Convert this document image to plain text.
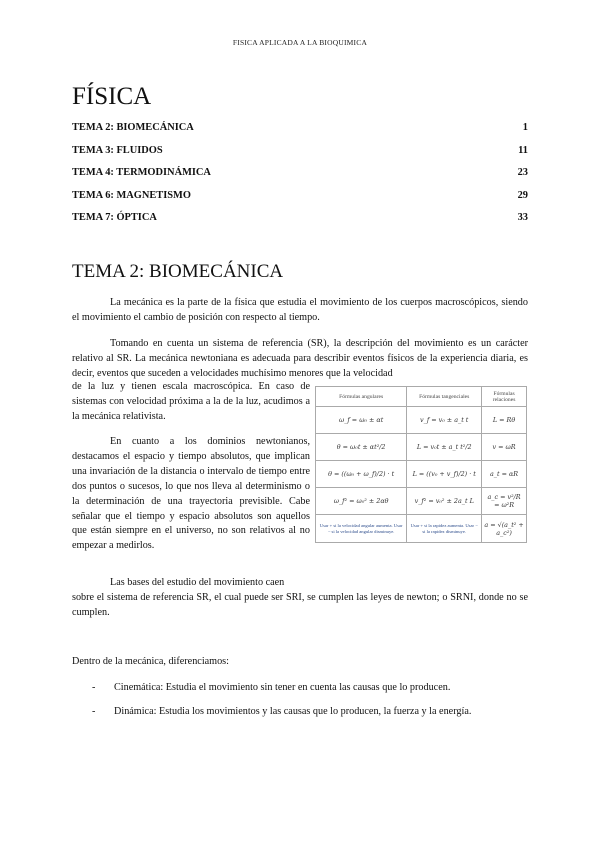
FISICA APLICADA A LA BIOQUIMICA
FÍSICA
TEMA 2: BIOMECÁNICA	1
TEMA 3: FLUIDOS	11
TEMA 4: TERMODINÁMICA	23
TEMA 6: MAGNETISMO	29
TEMA 7: ÓPTICA	33
TEMA 2: BIOMECÁNICA

La mecánica es la parte de la física que estudia el movimiento de los cuerpos macroscópicos, siendo el movimiento el cambio de posición con respecto al tiempo.

Tomando en cuenta un sistema de referencia (SR), la descripción del movimiento es un carácter relativo al SR. La mecánica newtoniana es adecuada para describir eventos físicos de la experiencia diaria, es decir, eventos que suceden a velocidades muchísimo menores que la velocidad

de la luz y tienen escala macroscópica. En caso de sistemas con velocidad próxima a la de la luz, acudimos a la mecánica relativista.

En cuanto a los dominios newtonianos, destacamos el espacio y tiempo absolutos, que implican una invariación de la distancia o intervalo de tiempo entre dos puntos o sucesos, lo que nos lleva al determinismo o la determinación de una trayectoria previsible. Cabe señalar que el tiempo y espacio absolutos son aquellos que están siempre en el universo, no son relativos al no empezar a medirlos.

Las bases del estudio del movimiento caen

sobre el sistema de referencia SR, el cual puede ser SRI, se cumplen las leyes de newton; o SRNI, donde no se cumplen.

Fórmulas angulares	Fórmulas tangenciales	Fórmulas relaciones
ω_f = ω₀ ± αt	v_f = v₀ ± a_t t	L = Rθ
θ = ω₀t ± αt²/2	L = v₀t ± a_t t²/2	v = ωR
θ = ((ω₀ + ω_f)/2) · t	L = ((v₀ + v_f)/2) · t	a_t = αR
ω_f² = ω₀² ± 2αθ	v_f² = v₀² ± 2a_t L	a_c = v²/R = ω²R
Usar + si la velocidad angular aumenta. Usar − si la velocidad angular disminuye.	Usar + si la rapidez aumenta. Usar − si la rapidez disminuye.	a = √(a_t² + a_c²)

Dentro de la mecánica, diferenciamos:

-	Cinemática: Estudia el movimiento sin tener en cuenta las causas que lo producen.
-	Dinámica: Estudia los movimientos y las causas que lo producen, la fuerza y la energía.
